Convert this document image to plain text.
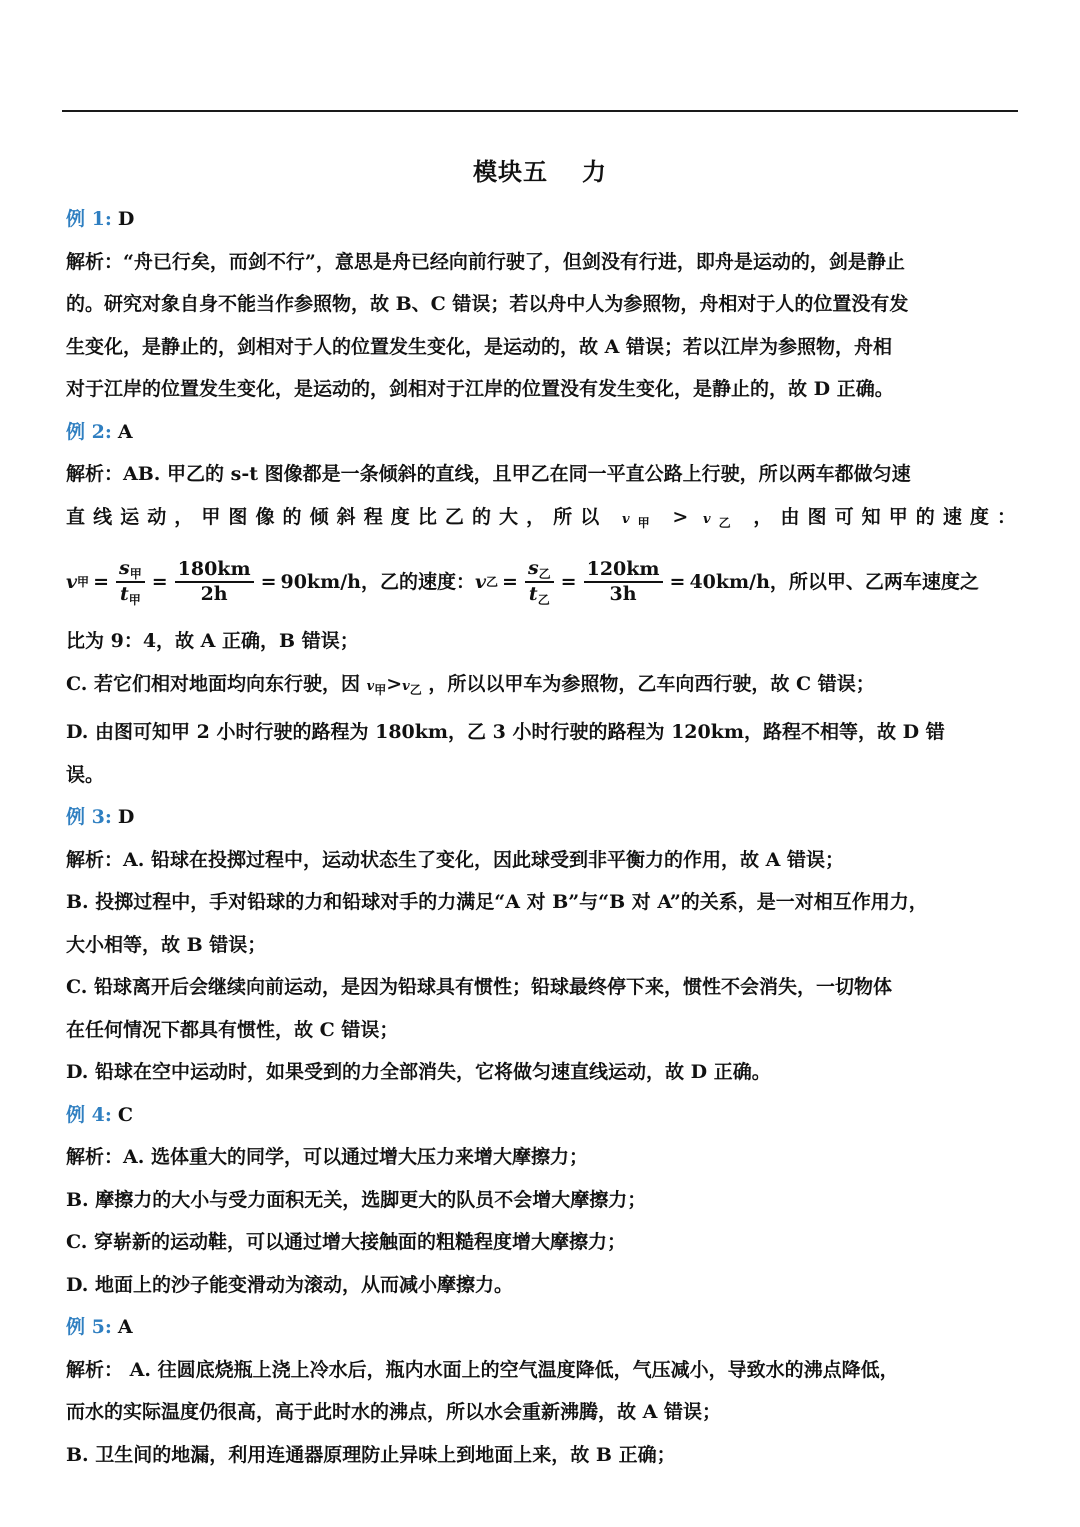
模块五 力
例 1: D
解析：“舟已行矣，而剑不行”，意思是舟已经向前行驶了，但剑没有行进，即舟是运动的，剑是静止
的。研究对象自身不能当作参照物，故 B、C 错误；若以舟中人为参照物，舟相对于人的位置没有发
生变化，是静止的，剑相对于人的位置发生变化，是运动的，故 A 错误；若以江岸为参照物，舟相
对于江岸的位置发生变化，是运动的，剑相对于江岸的位置没有发生变化，是静止的，故 D 正确。
例 2: A
解析：AB. 甲乙的 s-t 图像都是一条倾斜的直线，且甲乙在同一平直公路上行驶，所以两车都做匀速
直线运动，甲图像的倾斜程度比乙的大，所以 $v_甲 > v_乙$ ，由图可知甲的速度：
v 甲 = $\frac{s_甲}{t_甲} = \frac{180km}{2h} = 90km/h$ ，乙的速度： v 乙 = $\frac{s_乙}{t_乙} = \frac{120km}{3h} = 40km/h$ ，所以甲、乙两车速度之
比为 9：4，故 A 正确，B 错误；
C. 若它们相对地面均向东行驶，因 $v_甲>v_乙$ ，所以以甲车为参照物，乙车向西行驶，故 C 错误；
D. 由图可知甲 2 小时行驶的路程为 180km，乙 3 小时行驶的路程为 120km，路程不相等，故 D 错
误。
例 3: D
解析：A. 铅球在投掷过程中，运动状态生了变化，因此球受到非平衡力的作用，故 A 错误；
B. 投掷过程中，手对铅球的力和铅球对手的力满足“A 对 B”与“B 对 A”的关系，是一对相互作用力，
大小相等，故 B 错误；
C. 铅球离开后会继续向前运动，是因为铅球具有惯性；铅球最终停下来，惯性不会消失，一切物体
在任何情况下都具有惯性，故 C 错误；
D. 铅球在空中运动时，如果受到的力全部消失，它将做匀速直线运动，故 D 正确。
例 4: C
解析：A. 选体重大的同学，可以通过增大压力来增大摩擦力；
B. 摩擦力的大小与受力面积无关，选脚更大的队员不会增大摩擦力；
C. 穿崭新的运动鞋，可以通过增大接触面的粗糙程度增大摩擦力；
D. 地面上的沙子能变滑动为滚动，从而减小摩擦力。
例 5: A
解析： A. 往圆底烧瓶上浇上冷水后，瓶内水面上的空气温度降低，气压减小，导致水的沸点降低，
而水的实际温度仍很高，高于此时水的沸点，所以水会重新沸腾，故 A 错误；
B. 卫生间的地漏，利用连通器原理防止异味上到地面上来，故 B 正确；
